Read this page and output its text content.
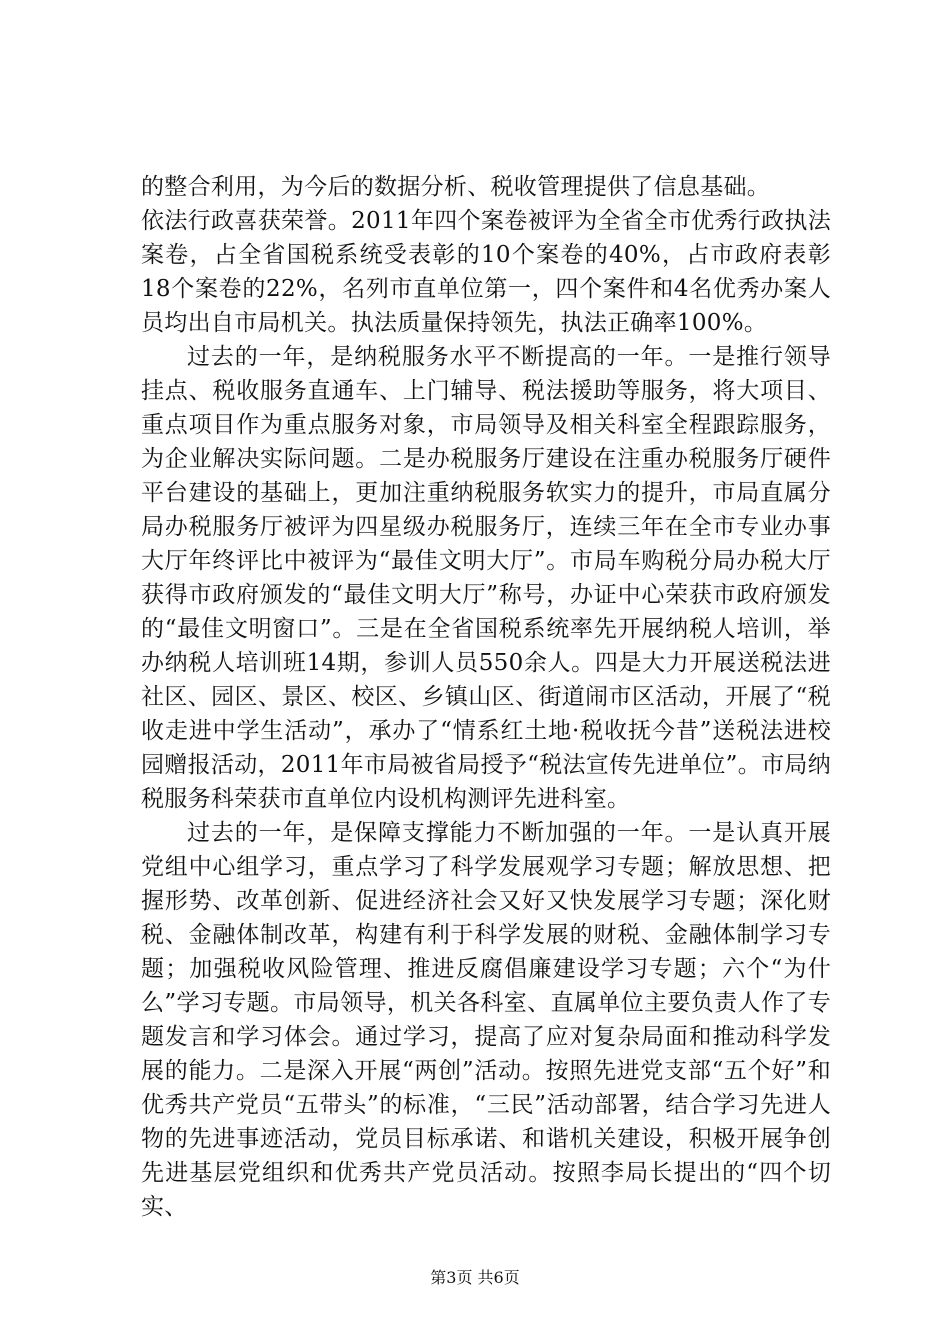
的整合利用，为今后的数据分析、税收管理提供了信息基础。

依法行政喜获荣誉。2011年四个案卷被评为全省全市优秀行政执法案卷，占全省国税系统受表彰的10个案卷的40%，占市政府表彰18个案卷的22%，名列市直单位第一，四个案件和4名优秀办案人员均出自市局机关。执法质量保持领先，执法正确率100%。

过去的一年，是纳税服务水平不断提高的一年。一是推行领导挂点、税收服务直通车、上门辅导、税法援助等服务，将大项目、重点项目作为重点服务对象，市局领导及相关科室全程跟踪服务，为企业解决实际问题。二是办税服务厅建设在注重办税服务厅硬件平台建设的基础上，更加注重纳税服务软实力的提升，市局直属分局办税服务厅被评为四星级办税服务厅，连续三年在全市专业办事大厅年终评比中被评为“最佳文明大厅”。市局车购税分局办税大厅获得市政府颁发的“最佳文明大厅”称号，办证中心荣获市政府颁发的“最佳文明窗口”。三是在全省国税系统率先开展纳税人培训，举办纳税人培训班14期，参训人员550余人。四是大力开展送税法进社区、园区、景区、校区、乡镇山区、街道闹市区活动，开展了“税收走进中学生活动”，承办了“情系红土地·税收抚今昔”送税法进校园赠报活动，2011年市局被省局授予“税法宣传先进单位”。市局纳税服务科荣获市直单位内设机构测评先进科室。

过去的一年，是保障支撑能力不断加强的一年。一是认真开展党组中心组学习，重点学习了科学发展观学习专题；解放思想、把握形势、改革创新、促进经济社会又好又快发展学习专题；深化财税、金融体制改革，构建有利于科学发展的财税、金融体制学习专题；加强税收风险管理、推进反腐倡廉建设学习专题；六个“为什么”学习专题。市局领导，机关各科室、直属单位主要负责人作了专题发言和学习体会。通过学习，提高了应对复杂局面和推动科学发展的能力。二是深入开展“两创”活动。按照先进党支部“五个好”和优秀共产党员“五带头”的标准，“三民”活动部署，结合学习先进人物的先进事迹活动，党员目标承诺、和谐机关建设，积极开展争创先进基层党组织和优秀共产党员活动。按照李局长提出的“四个切实、

第3页 共6页
